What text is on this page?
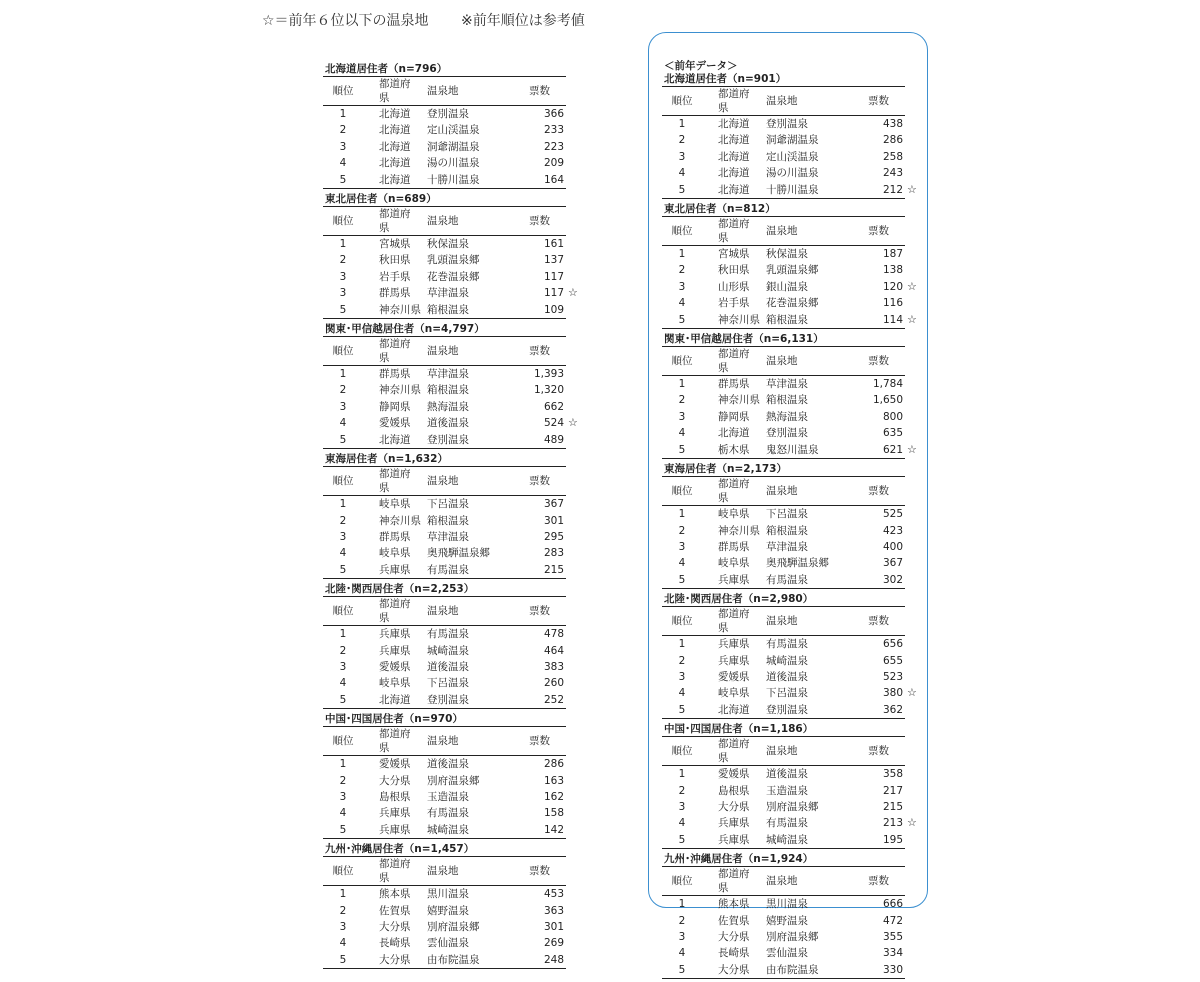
☆＝前年６位以下の温泉地 ※前年順位は参考値
北海道居住者（n=796）
順位	都道府県	温泉地	票数
1	北海道	登別温泉	366
2	北海道	定山渓温泉	233
3	北海道	洞爺湖温泉	223
4	北海道	湯の川温泉	209
5	北海道	十勝川温泉	164
東北居住者（n=689）
順位	都道府県	温泉地	票数
1	宮城県	秋保温泉	161
2	秋田県	乳頭温泉郷	137
3	岩手県	花巻温泉郷	117
3	群馬県	草津温泉	117 ☆

5	神奈川県	箱根温泉	109
関東･甲信越居住者（n=4,797）
順位	都道府県	温泉地	票数
1	群馬県	草津温泉	1,393
2	神奈川県	箱根温泉	1,320
3	静岡県	熱海温泉	662
4	愛媛県	道後温泉	524 ☆

5	北海道	登別温泉	489
東海居住者（n=1,632）
順位	都道府県	温泉地	票数
1	岐阜県	下呂温泉	367
2	神奈川県	箱根温泉	301
3	群馬県	草津温泉	295
4	岐阜県	奥飛騨温泉郷	283
5	兵庫県	有馬温泉	215
北陸･関西居住者（n=2,253）
順位	都道府県	温泉地	票数
1	兵庫県	有馬温泉	478
2	兵庫県	城崎温泉	464
3	愛媛県	道後温泉	383
4	岐阜県	下呂温泉	260
5	北海道	登別温泉	252
中国･四国居住者（n=970）
順位	都道府県	温泉地	票数
1	愛媛県	道後温泉	286
2	大分県	別府温泉郷	163
3	島根県	玉造温泉	162
4	兵庫県	有馬温泉	158
5	兵庫県	城崎温泉	142
九州･沖縄居住者（n=1,457）
順位	都道府県	温泉地	票数
1	熊本県	黒川温泉	453
2	佐賀県	嬉野温泉	363
3	大分県	別府温泉郷	301
4	長崎県	雲仙温泉	269
5	大分県	由布院温泉	248
＜前年データ＞
北海道居住者（n=901）
順位	都道府県	温泉地	票数
1	北海道	登別温泉	438
2	北海道	洞爺湖温泉	286
3	北海道	定山渓温泉	258
4	北海道	湯の川温泉	243
5	北海道	十勝川温泉	212 ☆
東北居住者（n=812）
順位	都道府県	温泉地	票数
1	宮城県	秋保温泉	187
2	秋田県	乳頭温泉郷	138
3	山形県	銀山温泉	120 ☆

4	岩手県	花巻温泉郷	116
5	神奈川県	箱根温泉	114 ☆
関東･甲信越居住者（n=6,131）
順位	都道府県	温泉地	票数
1	群馬県	草津温泉	1,784
2	神奈川県	箱根温泉	1,650
3	静岡県	熱海温泉	800
4	北海道	登別温泉	635
5	栃木県	鬼怒川温泉	621 ☆
東海居住者（n=2,173）
順位	都道府県	温泉地	票数
1	岐阜県	下呂温泉	525
2	神奈川県	箱根温泉	423
3	群馬県	草津温泉	400
4	岐阜県	奥飛騨温泉郷	367
5	兵庫県	有馬温泉	302
北陸･関西居住者（n=2,980）
順位	都道府県	温泉地	票数
1	兵庫県	有馬温泉	656
2	兵庫県	城崎温泉	655
3	愛媛県	道後温泉	523
4	岐阜県	下呂温泉	380 ☆

5	北海道	登別温泉	362
中国･四国居住者（n=1,186）
順位	都道府県	温泉地	票数
1	愛媛県	道後温泉	358
2	島根県	玉造温泉	217
3	大分県	別府温泉郷	215
4	兵庫県	有馬温泉	213 ☆

5	兵庫県	城崎温泉	195
九州･沖縄居住者（n=1,924）
順位	都道府県	温泉地	票数
1	熊本県	黒川温泉	666
2	佐賀県	嬉野温泉	472
3	大分県	別府温泉郷	355
4	長崎県	雲仙温泉	334
5	大分県	由布院温泉	330
